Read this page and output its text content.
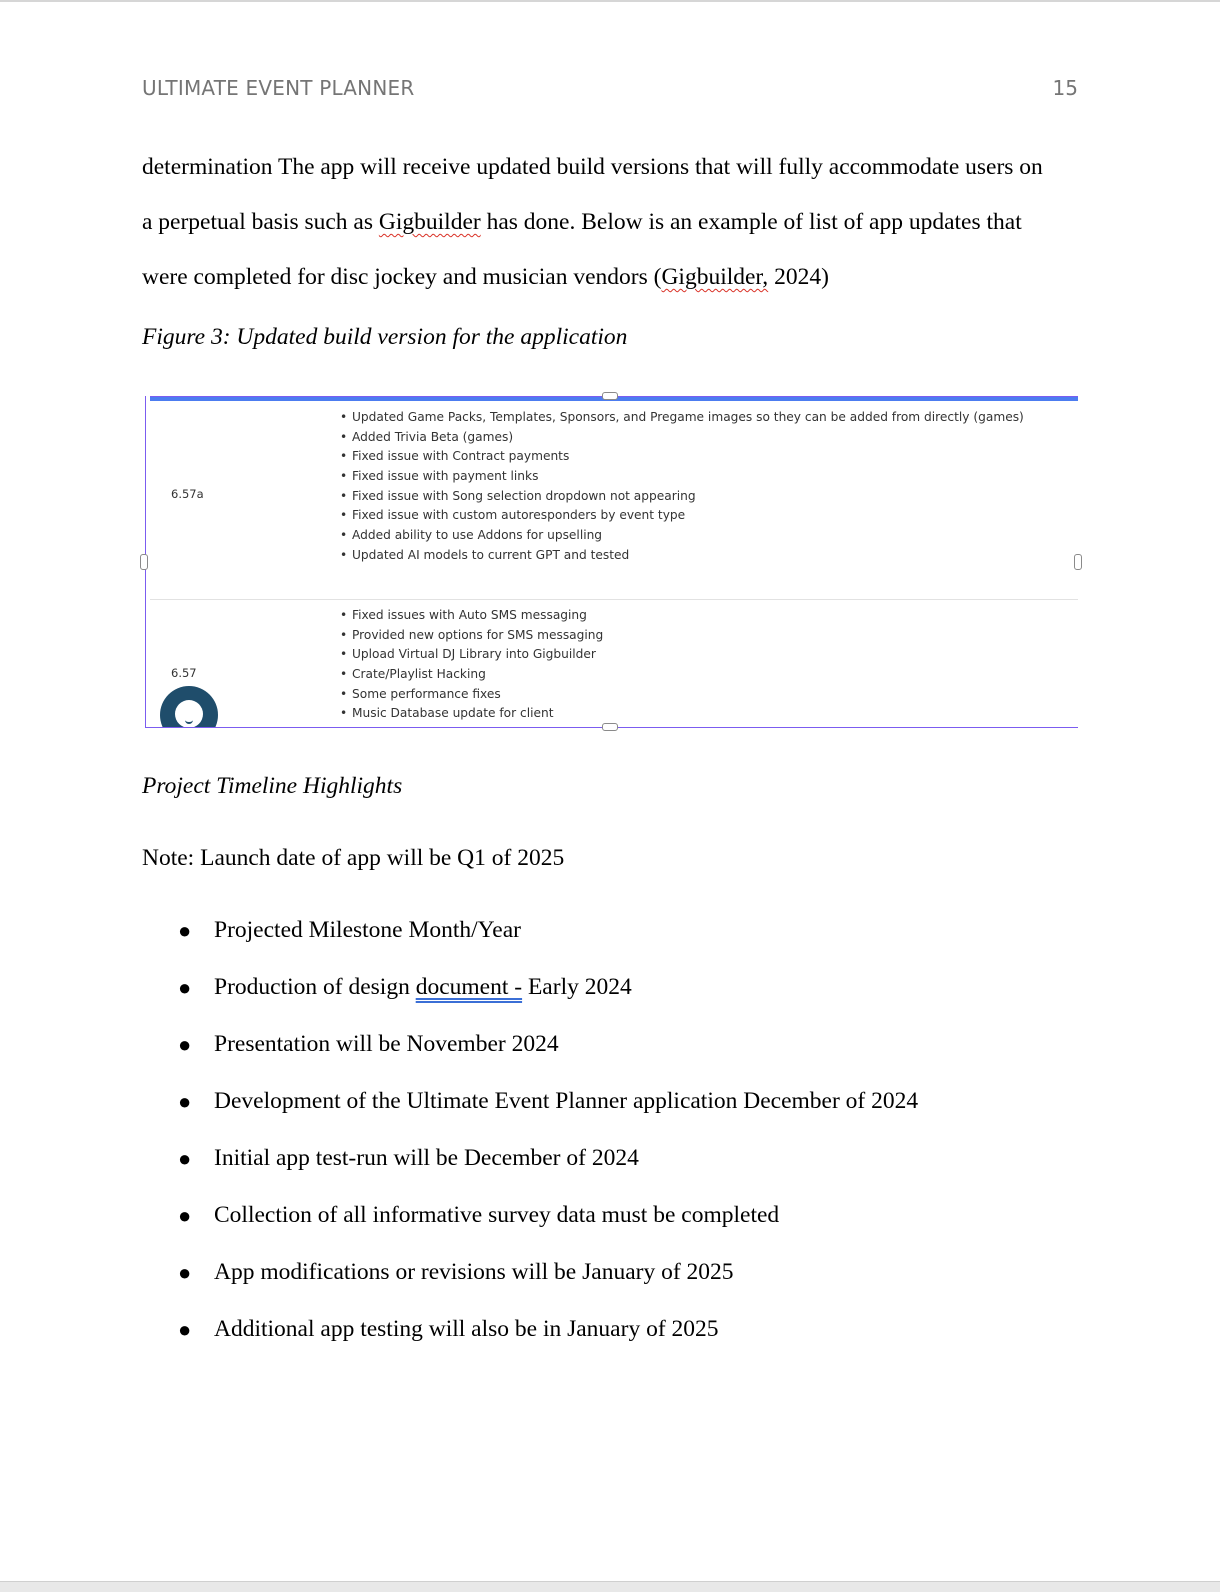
ULTIMATE EVENT PLANNER	15
determination The app will receive updated build versions that will fully accommodate users on
a perpetual basis such as Gigbuilder has done. Below is an example of list of app updates that
were completed for disc jockey and musician vendors (Gigbuilder, 2024)
Figure 3: Updated build version for the application
6.57a
• Updated Game Packs, Templates, Sponsors, and Pregame images so they can be added from directly (games)
• Added Trivia Beta (games)
• Fixed issue with Contract payments
• Fixed issue with payment links
• Fixed issue with Song selection dropdown not appearing
• Fixed issue with custom autoresponders by event type
• Added ability to use Addons for upselling
• Updated AI models to current GPT and tested
6.57
• Fixed issues with Auto SMS messaging
• Provided new options for SMS messaging
• Upload Virtual DJ Library into Gigbuilder
• Crate/Playlist Hacking
• Some performance fixes
• Music Database update for client
Project Timeline Highlights
Note: Launch date of app will be Q1 of 2025
● Projected Milestone Month/Year
● Production of design document - Early 2024
● Presentation will be November 2024
● Development of the Ultimate Event Planner application December of 2024
● Initial app test-run will be December of 2024
● Collection of all informative survey data must be completed
● App modifications or revisions will be January of 2025
● Additional app testing will also be in January of 2025
